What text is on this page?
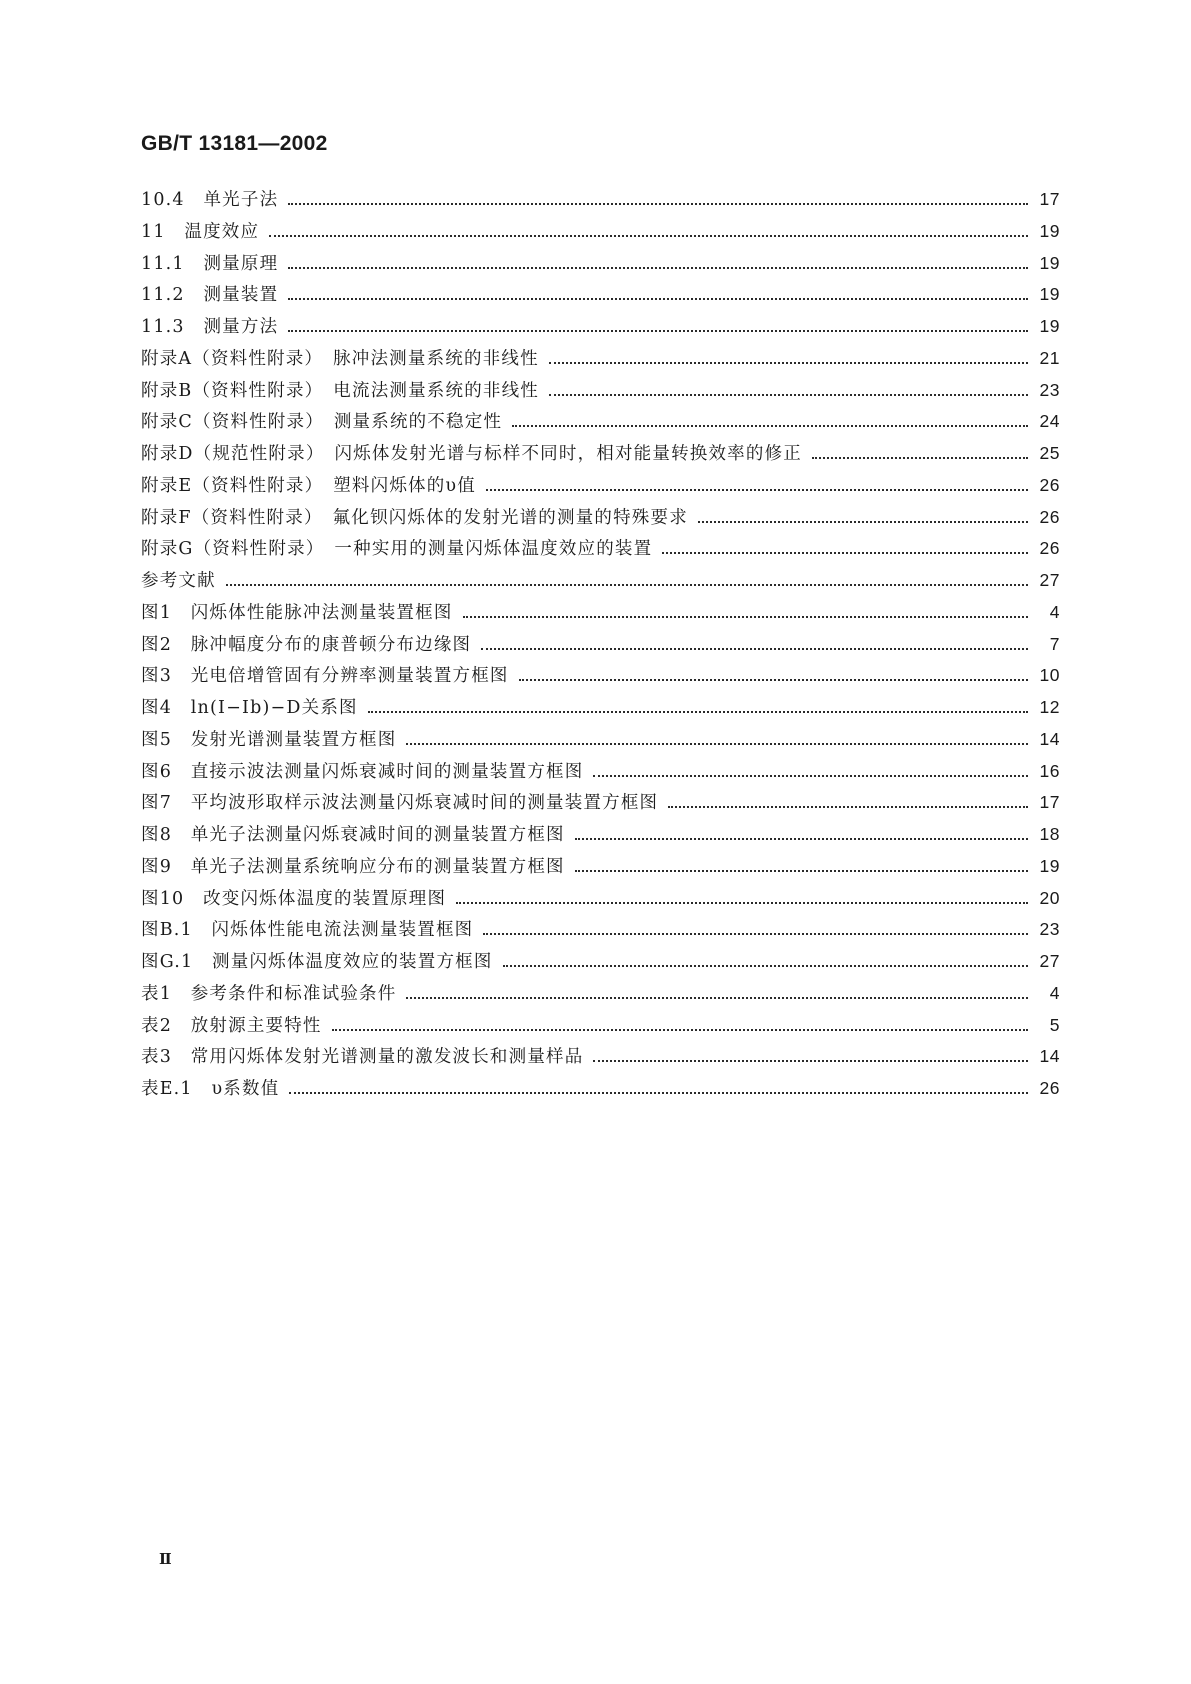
GB/T 13181—2002
10.4　单光子法	17
11　温度效应	19
11.1　测量原理	19
11.2　测量装置	19
11.3　测量方法	19
附录A（资料性附录）　脉冲法测量系统的非线性	21
附录B（资料性附录）　电流法测量系统的非线性	23
附录C（资料性附录）　测量系统的不稳定性	24
附录D（规范性附录）　闪烁体发射光谱与标样不同时，相对能量转换效率的修正	25
附录E（资料性附录）　塑料闪烁体的υ值	26
附录F（资料性附录）　氟化钡闪烁体的发射光谱的测量的特殊要求	26
附录G（资料性附录）　一种实用的测量闪烁体温度效应的装置	26
参考文献	27
图1　闪烁体性能脉冲法测量装置框图	4
图2　脉冲幅度分布的康普顿分布边缘图	7
图3　光电倍增管固有分辨率测量装置方框图	10
图4　ln(I−Ib)−D关系图	12
图5　发射光谱测量装置方框图	14
图6　直接示波法测量闪烁衰减时间的测量装置方框图	16
图7　平均波形取样示波法测量闪烁衰减时间的测量装置方框图	17
图8　单光子法测量闪烁衰减时间的测量装置方框图	18
图9　单光子法测量系统响应分布的测量装置方框图	19
图10　改变闪烁体温度的装置原理图	20
图B.1　闪烁体性能电流法测量装置框图	23
图G.1　测量闪烁体温度效应的装置方框图	27
表1　参考条件和标准试验条件	4
表2　放射源主要特性	5
表3　常用闪烁体发射光谱测量的激发波长和测量样品	14
表E.1　υ系数值	26
Ⅱ
